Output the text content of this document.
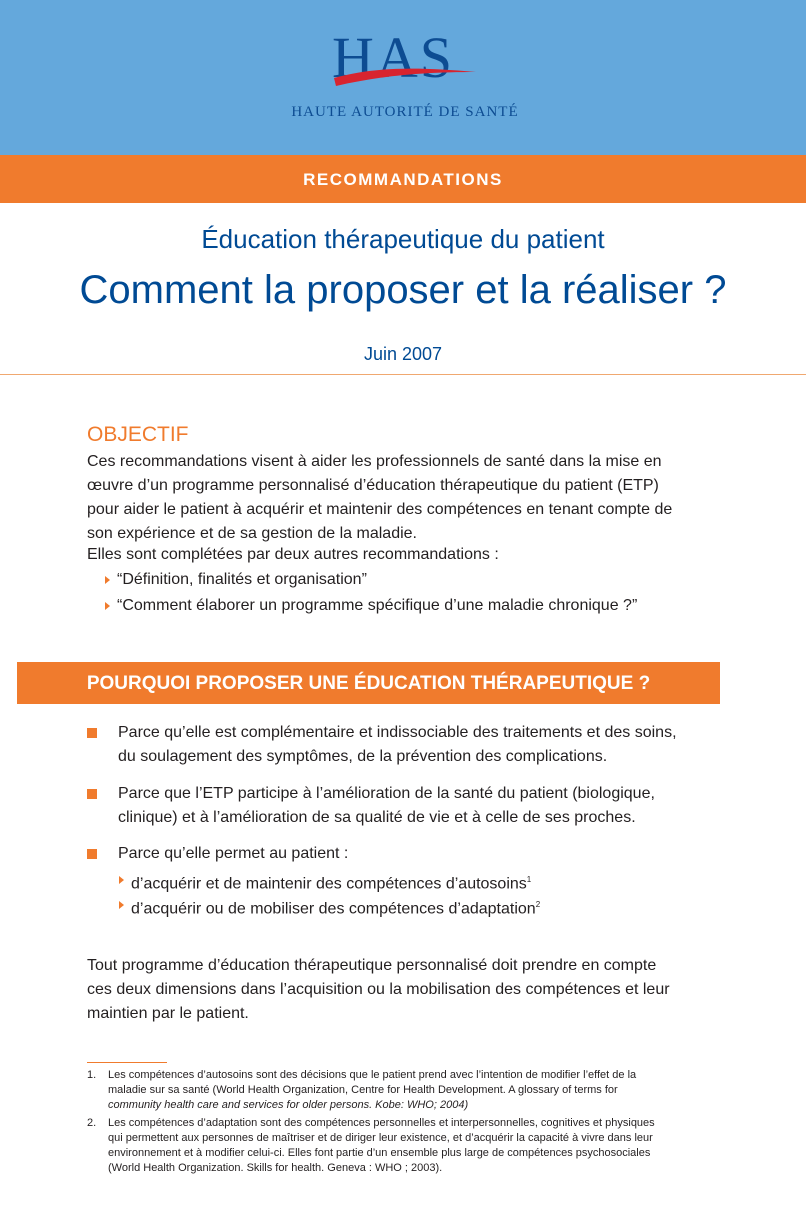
HAS
HAUTE AUTORITÉ DE SANTÉ
RECOMMANDATIONS
Éducation thérapeutique du patient
Comment la proposer et la réaliser ?
Juin 2007
OBJECTIF
Ces recommandations visent à aider les professionnels de santé dans la mise en
œuvre d’un programme personnalisé d’éducation thérapeutique du patient (ETP)
pour aider le patient à acquérir et maintenir des compétences en tenant compte de
son expérience et de sa gestion de la maladie.
Elles sont complétées par deux autres recommandations :
“Définition, finalités et organisation”
“Comment élaborer un programme spécifique d’une maladie chronique ?”
POURQUOI PROPOSER UNE ÉDUCATION THÉRAPEUTIQUE ?
Parce qu’elle est complémentaire et indissociable des traitements et des soins,
du soulagement des symptômes, de la prévention des complications.
Parce que l’ETP participe à l’amélioration de la santé du patient (biologique,
clinique) et à l’amélioration de sa qualité de vie et à celle de ses proches.
Parce qu’elle permet au patient :
d’acquérir et de maintenir des compétences d’autosoins$^1$
d’acquérir ou de mobiliser des compétences d’adaptation$^2$
Tout programme d’éducation thérapeutique personnalisé doit prendre en compte
ces deux dimensions dans l’acquisition ou la mobilisation des compétences et leur
maintien par le patient.
1. Les compétences d’autosoins sont des décisions que le patient prend avec l’intention de modifier l’effet de la
maladie sur sa santé (World Health Organization, Centre for Health Development. A glossary of terms for
community health care and services for older persons. Kobe: WHO; 2004)
2. Les compétences d’adaptation sont des compétences personnelles et interpersonnelles, cognitives et physiques
qui permettent aux personnes de maîtriser et de diriger leur existence, et d’acquérir la capacité à vivre dans leur
environnement et à modifier celui-ci. Elles font partie d’un ensemble plus large de compétences psychosociales
(World Health Organization. Skills for health. Geneva : WHO ; 2003).
